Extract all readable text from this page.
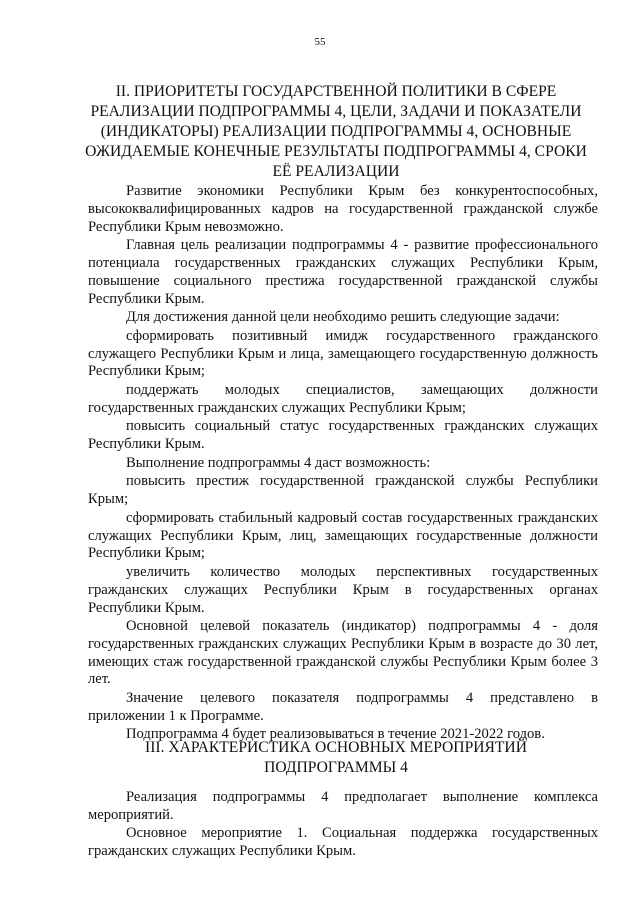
55
II. ПРИОРИТЕТЫ ГОСУДАРСТВЕННОЙ ПОЛИТИКИ В СФЕРЕ РЕАЛИЗАЦИИ ПОДПРОГРАММЫ 4, ЦЕЛИ, ЗАДАЧИ И ПОКАЗАТЕЛИ (ИНДИКАТОРЫ) РЕАЛИЗАЦИИ ПОДПРОГРАММЫ 4, ОСНОВНЫЕ ОЖИДАЕМЫЕ КОНЕЧНЫЕ РЕЗУЛЬТАТЫ ПОДПРОГРАММЫ 4, СРОКИ ЕЁ РЕАЛИЗАЦИИ

Развитие экономики Республики Крым без конкурентоспособных, высококвалифицированных кадров на государственной гражданской службе Республики Крым невозможно.

Главная цель реализации подпрограммы 4 - развитие профессионального потенциала государственных гражданских служащих Республики Крым, повышение социального престижа государственной гражданской службы Республики Крым.

Для достижения данной цели необходимо решить следующие задачи:

сформировать позитивный имидж государственного гражданского служащего Республики Крым и лица, замещающего государственную должность Республики Крым;

поддержать молодых специалистов, замещающих должности государственных гражданских служащих Республики Крым;

повысить социальный статус государственных гражданских служащих Республики Крым.

Выполнение подпрограммы 4 даст возможность:

повысить престиж государственной гражданской службы Республики Крым;

сформировать стабильный кадровый состав государственных гражданских служащих Республики Крым, лиц, замещающих государственные должности Республики Крым;

увеличить количество молодых перспективных государственных гражданских служащих Республики Крым в государственных органах Республики Крым.

Основной целевой показатель (индикатор) подпрограммы 4 - доля государственных гражданских служащих Республики Крым в возрасте до 30 лет, имеющих стаж государственной гражданской службы Республики Крым более 3 лет.

Значение целевого показателя подпрограммы 4 представлено в приложении 1 к Программе.

Подпрограмма 4 будет реализовываться в течение 2021-2022 годов.

III. ХАРАКТЕРИСТИКА ОСНОВНЫХ МЕРОПРИЯТИЙ ПОДПРОГРАММЫ 4

Реализация подпрограммы 4 предполагает выполнение комплекса мероприятий.

Основное мероприятие 1. Социальная поддержка государственных гражданских служащих Республики Крым.
